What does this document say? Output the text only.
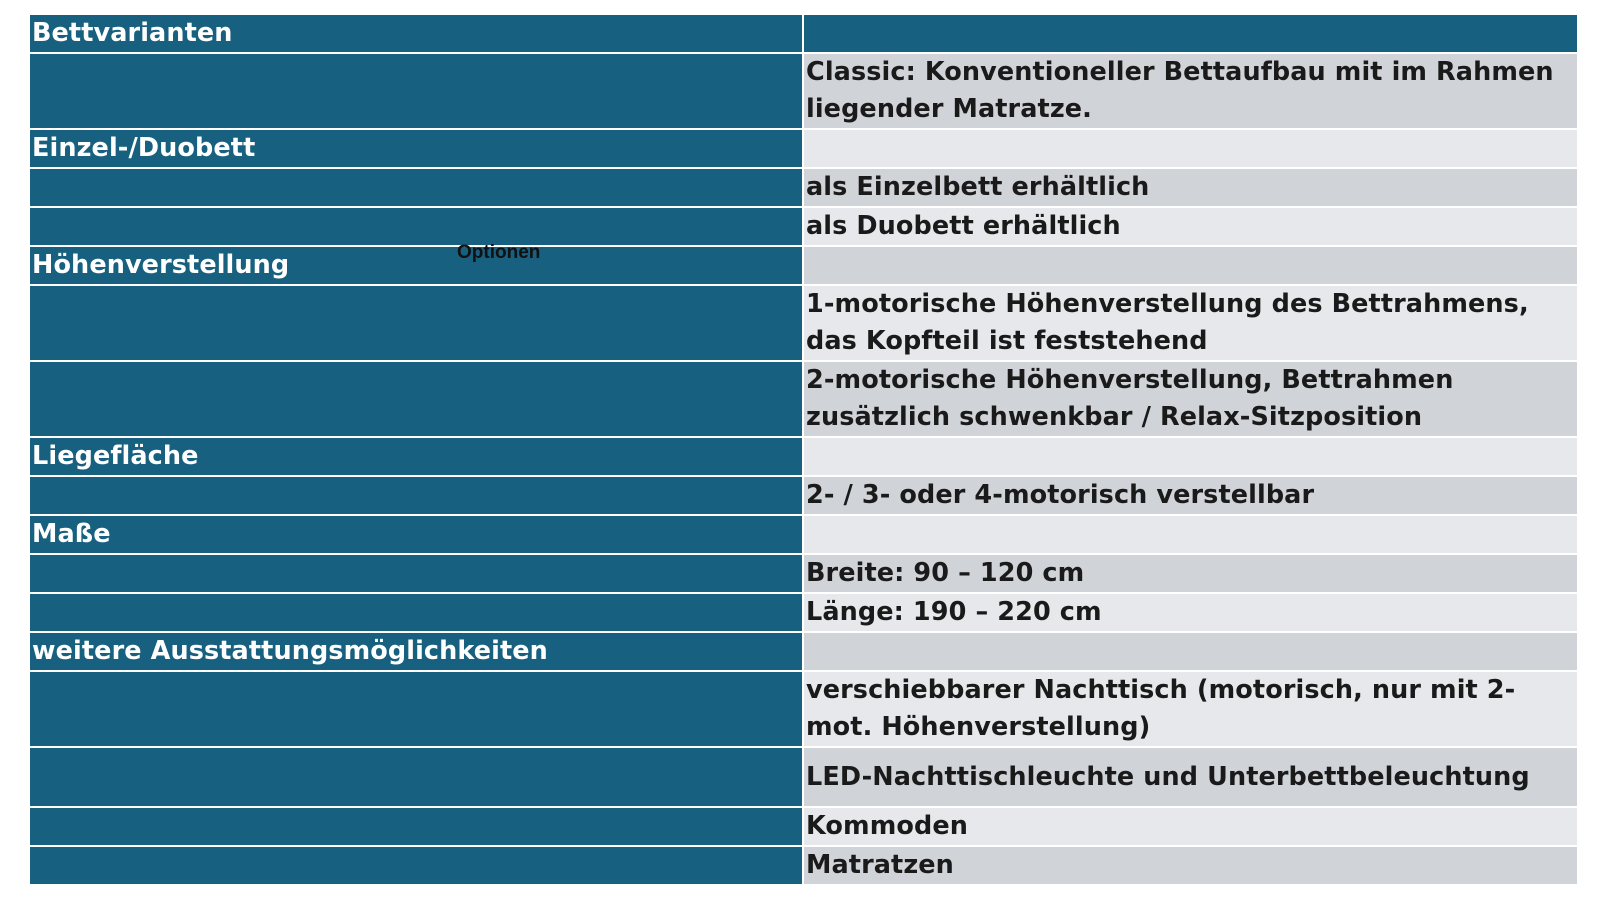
Bettvarianten	
	Classic: Konventioneller Bettaufbau mit im Rahmen liegender Matratze.
Einzel-/Duobett	
	als Einzelbett erhältlich
	als Duobett erhältlich
Höhenverstellung	
	1-motorische Höhenverstellung des Bettrahmens, das Kopfteil ist feststehend
	2-motorische Höhenverstellung, Bettrahmen zusätzlich schwenkbar / Relax-Sitzposition
Liegefläche	
	2- / 3- oder 4-motorisch verstellbar
Maße	
	Breite: 90 – 120 cm
	Länge: 190 – 220 cm
weitere Ausstattungsmöglichkeiten	
	verschiebbarer Nachttisch (motorisch, nur mit 2-mot. Höhenverstellung)
	LED-Nachttischleuchte und Unterbettbeleuchtung
	Kommoden
	Matratzen
Optionen
